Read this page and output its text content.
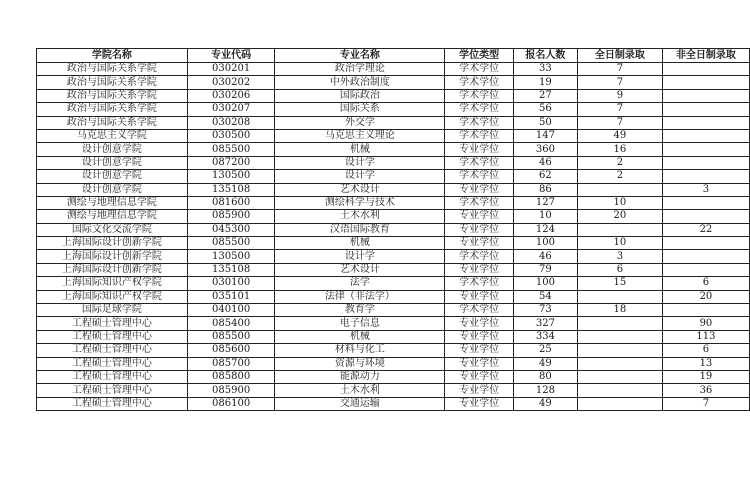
学院名称	专业代码	专业名称	学位类型	报名人数	全日制录取	非全日制录取
政治与国际关系学院	030201	政治学理论	学术学位	33	7	
政治与国际关系学院	030202	中外政治制度	学术学位	19	7	
政治与国际关系学院	030206	国际政治	学术学位	27	9	
政治与国际关系学院	030207	国际关系	学术学位	56	7	
政治与国际关系学院	030208	外交学	学术学位	50	7	
马克思主义学院	030500	马克思主义理论	学术学位	147	49	
设计创意学院	085500	机械	专业学位	360	16	
设计创意学院	087200	设计学	学术学位	46	2	
设计创意学院	130500	设计学	学术学位	62	2	
设计创意学院	135108	艺术设计	专业学位	86		3
测绘与地理信息学院	081600	测绘科学与技术	学术学位	127	10	
测绘与地理信息学院	085900	土木水利	专业学位	10	20	
国际文化交流学院	045300	汉语国际教育	专业学位	124		22
上海国际设计创新学院	085500	机械	专业学位	100	10	
上海国际设计创新学院	130500	设计学	学术学位	46	3	
上海国际设计创新学院	135108	艺术设计	专业学位	79	6	
上海国际知识产权学院	030100	法学	学术学位	100	15	6
上海国际知识产权学院	035101	法律（非法学）	专业学位	54		20
国际足球学院	040100	教育学	学术学位	73	18	
工程硕士管理中心	085400	电子信息	专业学位	327		90
工程硕士管理中心	085500	机械	专业学位	334		113
工程硕士管理中心	085600	材料与化工	专业学位	25		6
工程硕士管理中心	085700	资源与环境	专业学位	49		13
工程硕士管理中心	085800	能源动力	专业学位	80		19
工程硕士管理中心	085900	土木水利	专业学位	128		36
工程硕士管理中心	086100	交通运输	专业学位	49		7
